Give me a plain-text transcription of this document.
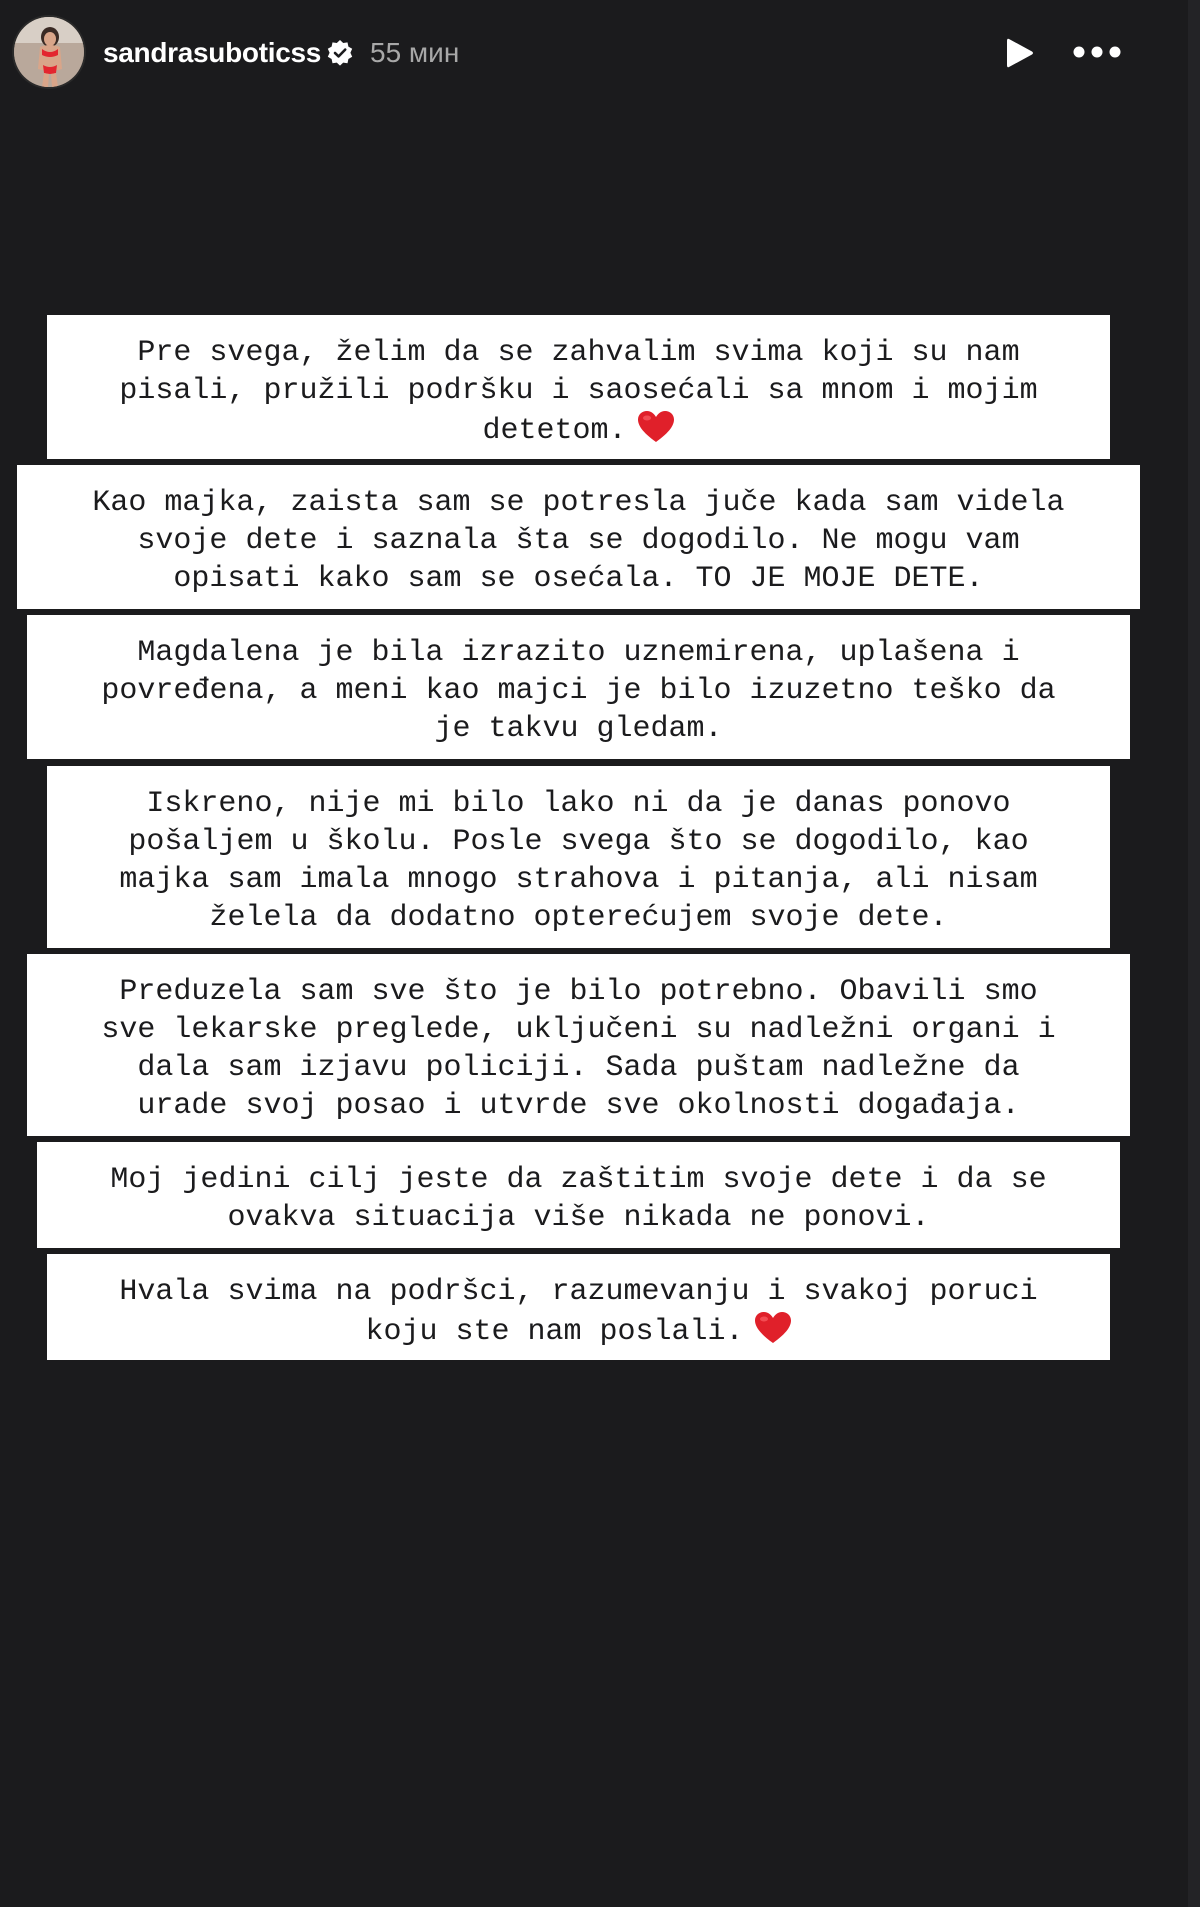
sandrasuboticss 55 мин
Pre svega, želim da se zahvalim svima koji su nam
pisali, pružili podršku i saosećali sa mnom i mojim
detetom.
Kao majka, zaista sam se potresla juče kada sam videla
svoje dete i saznala šta se dogodilo. Ne mogu vam
opisati kako sam se osećala. TO JE MOJE DETE.
Magdalena je bila izrazito uznemirena, uplašena i
povređena, a meni kao majci je bilo izuzetno teško da
je takvu gledam.
Iskreno, nije mi bilo lako ni da je danas ponovo
pošaljem u školu. Posle svega što se dogodilo, kao
majka sam imala mnogo strahova i pitanja, ali nisam
želela da dodatno opterećujem svoje dete.
Preduzela sam sve što je bilo potrebno. Obavili smo
sve lekarske preglede, uključeni su nadležni organi i
dala sam izjavu policiji. Sada puštam nadležne da
urade svoj posao i utvrde sve okolnosti događaja.
Moj jedini cilj jeste da zaštitim svoje dete i da se
ovakva situacija više nikada ne ponovi.
Hvala svima na podršci, razumevanju i svakoj poruci
koju ste nam poslali.
